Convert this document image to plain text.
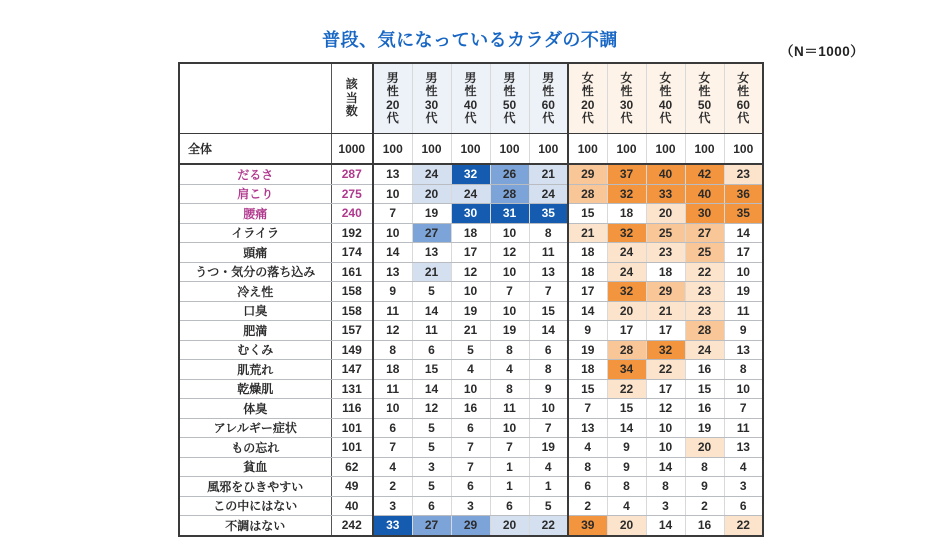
普段、気になっているカラダの不調
（N＝1000）

	該
当
数	男
性
20
代	男
性
30
代	男
性
40
代	男
性
50
代	男
性
60
代	女
性
20
代	女
性
30
代	女
性
40
代	女
性
50
代	女
性
60
代

全体	1000	100	100	100	100	100	100	100	100	100	100
だるさ	287	13	24	32	26	21	29	37	40	42	23
肩こり	275	10	20	24	28	24	28	32	33	40	36
腰痛	240	7	19	30	31	35	15	18	20	30	35
イライラ	192	10	27	18	10	8	21	32	25	27	14
頭痛	174	14	13	17	12	11	18	24	23	25	17
うつ・気分の落ち込み	161	13	21	12	10	13	18	24	18	22	10
冷え性	158	9	5	10	7	7	17	32	29	23	19
口臭	158	11	14	19	10	15	14	20	21	23	11
肥満	157	12	11	21	19	14	9	17	17	28	9
むくみ	149	8	6	5	8	6	19	28	32	24	13
肌荒れ	147	18	15	4	4	8	18	34	22	16	8
乾燥肌	131	11	14	10	8	9	15	22	17	15	10
体臭	116	10	12	16	11	10	7	15	12	16	7
アレルギー症状	101	6	5	6	10	7	13	14	10	19	11
もの忘れ	101	7	5	7	7	19	4	9	10	20	13
貧血	62	4	3	7	1	4	8	9	14	8	4
風邪をひきやすい	49	2	5	6	1	1	6	8	8	9	3
この中にはない	40	3	6	3	6	5	2	4	3	2	6
不調はない	242	33	27	29	20	22	39	20	14	16	22
